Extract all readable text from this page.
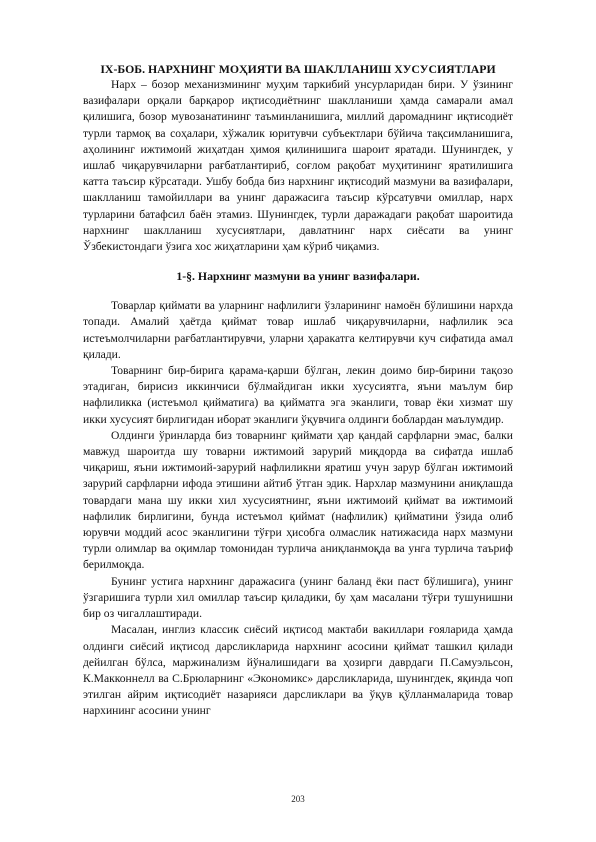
IX-БОБ. НАРХНИНГ МОҲИЯТИ ВА ШАКЛЛАНИШ ХУСУСИЯТЛАРИ

Нарх – бозор механизмининг муҳим таркибий унсурларидан бири. У ўзининг вазифалари орқали барқарор иқтисодиётнинг шаклланиши ҳамда самарали амал қилишига, бозор мувозанатининг таъминланишига, миллий даромаднинг иқтисодиёт турли тармоқ ва соҳалари, хўжалик юритувчи субъектлари бўйича тақсимланишига, аҳолининг ижтимоий жиҳатдан ҳимоя қилинишига шароит яратади. Шунингдек, у ишлаб чиқарувчиларни рағбатлантириб, соғлом рақобат муҳитининг яратилишига катта таъсир кўрсатади. Ушбу бобда биз нархнинг иқтисодий мазмуни ва вазифалари, шаклланиш тамойиллари ва унинг даражасига таъсир кўрсатувчи омиллар, нарх турларини батафсил баён этамиз. Шунингдек, турли даражадаги рақобат шароитида нархнинг шаклланиш хусусиятлари, давлатнинг нарх сиёсати ва унинг Ўзбекистондаги ўзига хос жиҳатларини ҳам кўриб чиқамиз.

1-§. Нархнинг мазмуни ва унинг вазифалари.

Товарлар қиймати ва уларнинг нафлилиги ўзларининг намоён бўлишини нархда топади. Амалий ҳаётда қиймат товар ишлаб чиқарувчиларни, нафлилик эса истеъмолчиларни рағбатлантирувчи, уларни ҳаракатга келтирувчи куч сифатида амал қилади.

Товарнинг бир-бирига қарама-қарши бўлган, лекин доимо бир-бирини тақозо этадиган, бирисиз иккинчиси бўлмайдиган икки хусусиятга, яъни маълум бир нафлиликка (истеъмол қийматига) ва қийматга эга эканлиги, товар ёки хизмат шу икки хусусият бирлигидан иборат эканлиги ўқувчига олдинги боблардан маълумдир.

Олдинги ўринларда биз товарнинг қиймати ҳар қандай сарфларни эмас, балки мавжуд шароитда шу товарни ижтимоий зарурий миқдорда ва сифатда ишлаб чиқариш, яъни ижтимоий-зарурий нафлиликни яратиш учун зарур бўлган ижтимоий зарурий сарфларни ифода этишини айтиб ўтган эдик. Нархлар мазмунини аниқлашда товардаги мана шу икки хил хусусиятнинг, яъни ижтимоий қиймат ва ижтимоий нафлилик бирлигини, бунда истеъмол қиймат (нафлилик) қийматини ўзида олиб юрувчи моддий асос эканлигини тўғри ҳисобга олмаслик натижасида нарх мазмуни турли олимлар ва оқимлар томонидан турлича аниқланмоқда ва унга турлича таъриф берилмоқда.

Бунинг устига нархнинг даражасига (унинг баланд ёки паст бўлишига), унинг ўзгаришига турли хил омиллар таъсир қиладики, бу ҳам масалани тўғри тушунишни бир оз чигаллаштиради.

Масалан, инглиз классик сиёсий иқтисод мактаби вакиллари ғояларида ҳамда олдинги сиёсий иқтисод дарсликларида нархнинг асосини қиймат ташкил қилади дейилган бўлса, маржинализм йўналишидаги ва ҳозирги даврдаги П.Самуэльсон, К.Макконнелл ва С.Брюларнинг «Экономикс» дарсликларида, шунингдек, яқинда чоп этилган айрим иқтисодиёт назарияси дарсликлари ва ўқув қўлланмаларида товар нархининг асосини унинг

203
